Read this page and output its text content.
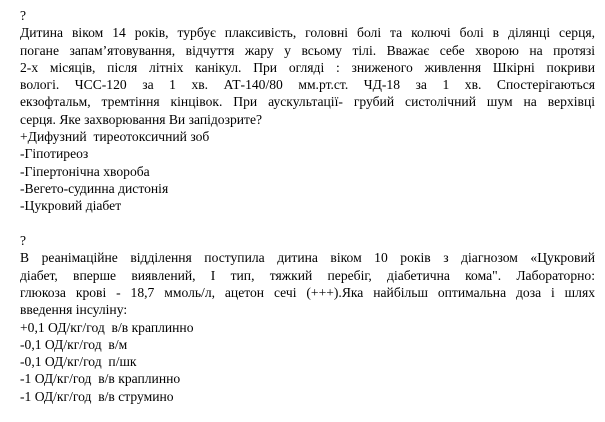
?
Дитина віком 14 років, турбує плаксивість, головні болі та колючі болі в ділянці серця,
погане запам’ятовування, відчуття жару у всьому тілі. Вважає себе хворою на протязі
2-х місяців, після літніх канікул. При огляді : зниженого живлення Шкірні покриви
вологі. ЧСС-120 за 1 хв. АТ-140/80 мм.рт.ст. ЧД-18 за 1 хв. Спостерігаються
екзофтальм, тремтіння кінцівок. При аускультації- грубий систолічний шум на верхівці
серця. Яке захворювання Ви запідозрите?
+Дифузний  тиреотоксичний зоб
-Гіпотиреоз
-Гіпертонічна хвороба
-Вегето-судинна дистонія
-Цукровий діабет
?
В реанімаційне відділення поступила дитина віком 10 років з діагнозом «Цукровий
діабет, вперше виявлений, І тип, тяжкий перебіг, діабетична кома". Лабораторно:
глюкоза крові - 18,7 ммоль/л, ацетон сечі (+++).Яка найбільш оптимальна доза і шлях
введення інсуліну:
+0,1 ОД/кг/год  в/в краплинно
-0,1 ОД/кг/год  в/м
-0,1 ОД/кг/год  п/шк
-1 ОД/кг/год  в/в краплинно
-1 ОД/кг/год  в/в струмино
